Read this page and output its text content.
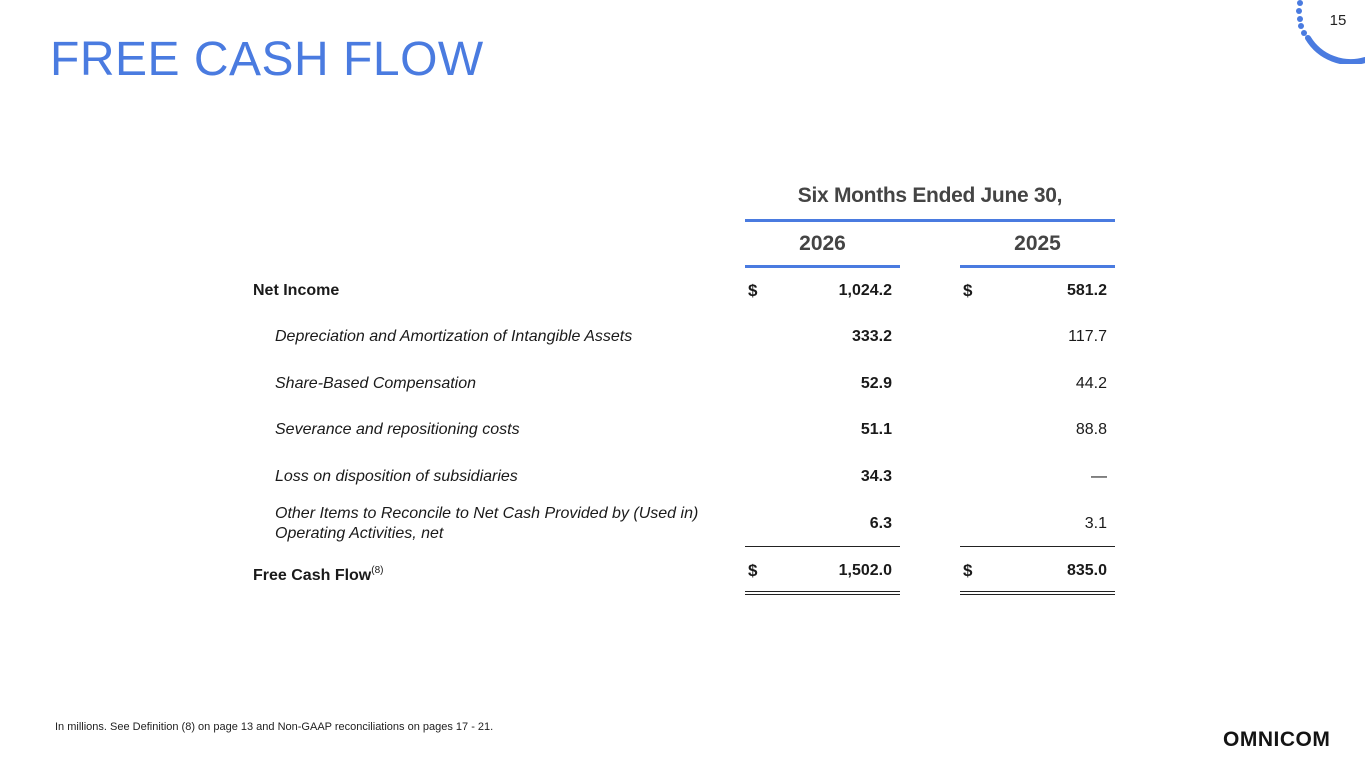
FREE CASH FLOW
15
Six Months Ended June 30,
2026	2025
Net Income	$	1,024.2	$	581.2
Depreciation and Amortization of Intangible Assets	333.2	117.7
Share-Based Compensation	52.9	44.2
Severance and repositioning costs	51.1	88.8
Loss on disposition of subsidiaries	34.3	—
Other Items to Reconcile to Net Cash Provided by (Used in)
Operating Activities, net
6.3	3.1
Free Cash Flow$^{(8)}$	$	1,502.0	$	835.0
In millions. See Definition (8) on page 13 and Non-GAAP reconciliations on pages 17 - 21.
OMNICOM
